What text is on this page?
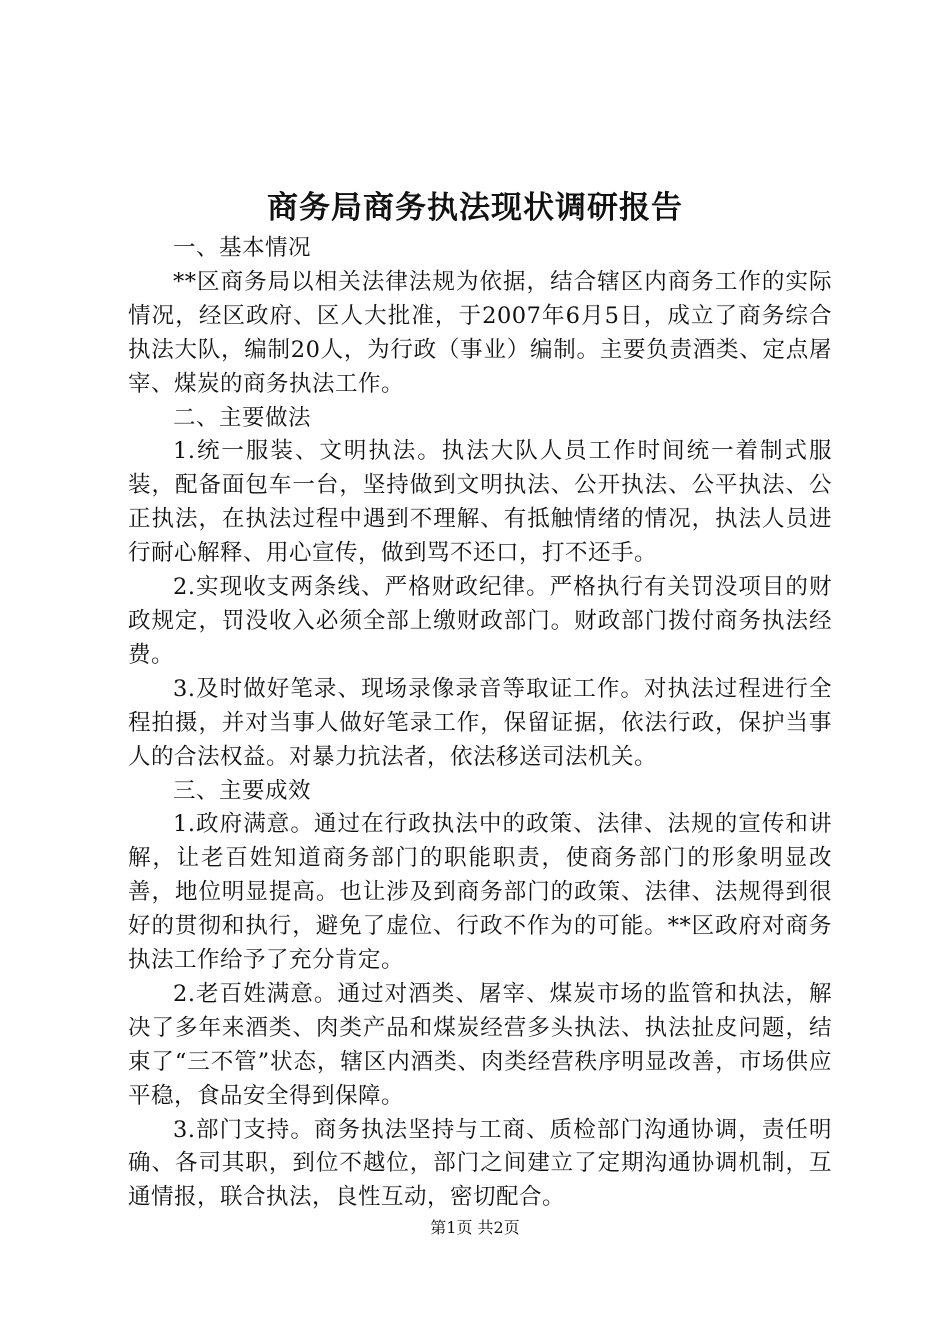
商务局商务执法现状调研报告

一、基本情况

**区商务局以相关法律法规为依据，结合辖区内商务工作的实际情况，经区政府、区人大批准，于2007年6月5日，成立了商务综合执法大队，编制20人，为行政（事业）编制。主要负责酒类、定点屠宰、煤炭的商务执法工作。

二、主要做法

1.统一服装、文明执法。执法大队人员工作时间统一着制式服装，配备面包车一台，坚持做到文明执法、公开执法、公平执法、公正执法，在执法过程中遇到不理解、有抵触情绪的情况，执法人员进行耐心解释、用心宣传，做到骂不还口，打不还手。

2.实现收支两条线、严格财政纪律。严格执行有关罚没项目的财政规定，罚没收入必须全部上缴财政部门。财政部门拨付商务执法经费。

3.及时做好笔录、现场录像录音等取证工作。对执法过程进行全程拍摄，并对当事人做好笔录工作，保留证据，依法行政，保护当事人的合法权益。对暴力抗法者，依法移送司法机关。

三、主要成效

1.政府满意。通过在行政执法中的政策、法律、法规的宣传和讲解，让老百姓知道商务部门的职能职责，使商务部门的形象明显改善，地位明显提高。也让涉及到商务部门的政策、法律、法规得到很好的贯彻和执行，避免了虚位、行政不作为的可能。**区政府对商务执法工作给予了充分肯定。

2.老百姓满意。通过对酒类、屠宰、煤炭市场的监管和执法，解决了多年来酒类、肉类产品和煤炭经营多头执法、执法扯皮问题，结束了“三不管”状态，辖区内酒类、肉类经营秩序明显改善，市场供应平稳，食品安全得到保障。

3.部门支持。商务执法坚持与工商、质检部门沟通协调，责任明确、各司其职，到位不越位，部门之间建立了定期沟通协调机制，互通情报，联合执法，良性互动，密切配合。

第1页 共2页
